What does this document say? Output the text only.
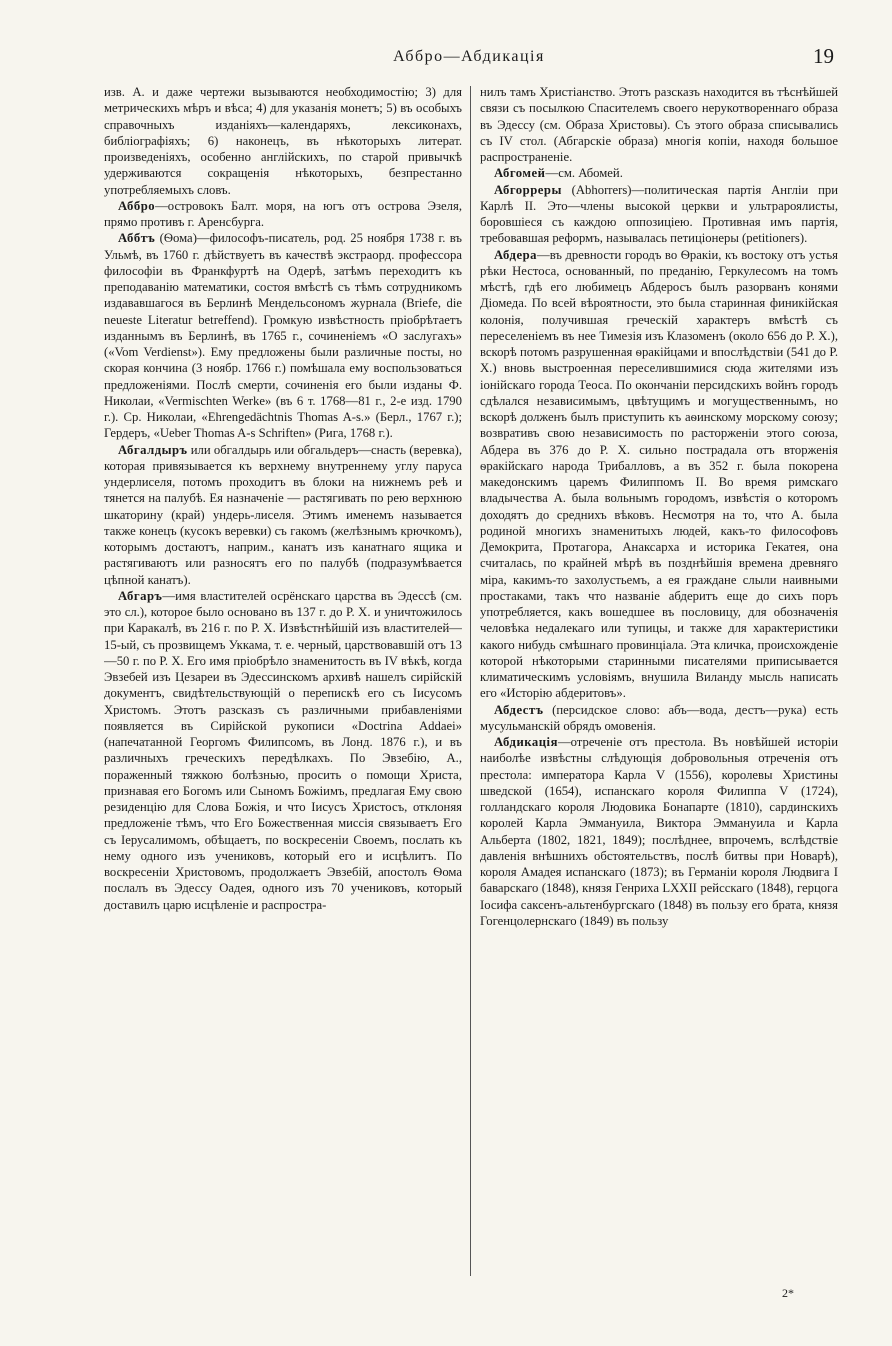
Аббро—Абдикація	19

изв. А. и даже чертежи вызываются необходимостію; 3) для метрическихъ мѣръ и вѣса; 4) для указанія монетъ; 5) въ особыхъ справочныхъ изданіяхъ—календаряхъ, лексиконахъ, библіографіяхъ; 6) наконецъ, въ нѣкоторыхъ литерат. произведеніяхъ, особенно англійскихъ, по старой привычкѣ удерживаются сокращенія нѣкоторыхъ, безпрестанно употребляемыхъ словъ.

Аббро—островокъ Балт. моря, на югъ отъ острова Эзеля, прямо противъ г. Аренсбурга.

Аббтъ (Ѳома)—философъ-писатель, род. 25 ноября 1738 г. въ Ульмѣ, въ 1760 г. дѣйствуетъ въ качествѣ экстраорд. профессора философіи въ Франкфуртѣ на Одерѣ, затѣмъ переходитъ къ преподаванію математики, состоя вмѣстѣ съ тѣмъ сотрудникомъ издававшагося въ Берлинѣ Мендельсономъ журнала (Briefe, die neueste Literatur betreffend). Громкую извѣстность пріобрѣтаетъ изданнымъ въ Берлинѣ, въ 1765 г., сочиненіемъ «О заслугахъ» («Vom Verdienst»). Ему предложены были различные посты, но скорая кончина (3 ноябр. 1766 г.) помѣшала ему воспользоваться предложеніями. Послѣ смерти, сочиненія его были изданы Ф. Николаи, «Vermischten Werke» (въ 6 т. 1768—81 г., 2-е изд. 1790 г.). Ср. Николаи, «Ehrengedächtnis Thomas A-s.» (Берл., 1767 г.); Гердеръ, «Ueber Thomas A-s Schriften» (Рига, 1768 г.).

Абгалдыръ или обгалдырь или обгальдеръ—снасть (веревка), которая привязывается къ верхнему внутреннему углу паруса ундерлиселя, потомъ проходитъ въ блоки на нижнемъ реѣ и тянется на палубѣ. Ея назначеніе — растягивать по рею верхнюю шкаторину (край) ундерь-лиселя. Этимъ именемъ называется также конецъ (кусокъ веревки) съ гакомъ (желѣзнымъ крючкомъ), которымъ достаютъ, наприм., канатъ изъ канатнаго ящика и растягиваютъ или разносятъ его по палубѣ (подразумѣвается цѣпной канатъ).

Абгаръ—имя властителей осрёнскаго царства въ Эдессѣ (см. это сл.), которое было основано въ 137 г. до Р. Х. и уничтожилось при Каракалѣ, въ 216 г. по Р. Х. Извѣстнѣйшій изъ властителей—15-ый, съ прозвищемъ Уккама, т. е. черный, царствовавшій отъ 13—50 г. по Р. Х. Его имя пріобрѣло знаменитость въ IV вѣкѣ, когда Эвзебей изъ Цезареи въ Эдессинскомъ архивѣ нашелъ сирійскій документъ, свидѣтельствующій о перепискѣ его съ Іисусомъ Христомъ. Этотъ разсказъ съ различными прибавленіями появляется въ Сирійской рукописи «Doctrina Addaei» (напечатанной Георгомъ Филипсомъ, въ Лонд. 1876 г.), и въ различныхъ греческихъ передѣлкахъ. По Эвзебію, А., пораженный тяжкою болѣзнью, просить о помощи Христа, признавая его Богомъ или Сыномъ Божіимъ, предлагая Ему свою резиденцію для Слова Божія, и что Іисусъ Христосъ, отклоняя предложеніе тѣмъ, что Его Божественная миссія связываетъ Его съ Іерусалимомъ, обѣщаетъ, по воскресеніи Своемъ, послать къ нему одного изъ учениковъ, который его и исцѣлитъ. По воскресеніи Христовомъ, продолжаетъ Эвзебій, апостолъ Ѳома послалъ въ Эдессу Оадея, одного изъ 70 учениковъ, который доставилъ царю исцѣленіе и распростра-

нилъ тамъ Христіанство. Этотъ разсказъ находится въ тѣснѣйшей связи съ посылкою Спасителемъ своего нерукотвореннаго образа въ Эдессу (см. Образа Христовы). Съ этого образа списывались съ IV стол. (Абгарскіе образа) многія копіи, находя большое распространеніе.

Абгомей—см. Абомей.

Абгорреры (Abhorrers)—политическая партія Англіи при Карлѣ II. Это—члены высокой церкви и ультрароялисты, боровшіеся съ каждою оппозиціею. Противная имъ партія, требовавшая реформъ, называлась петиціонеры (petitioners).

Абдера—въ древности городъ во Ѳракіи, къ востоку отъ устья рѣки Нестоса, основанный, по преданію, Геркулесомъ на томъ мѣстѣ, гдѣ его любимецъ Абдеросъ былъ разорванъ конями Діомеда. По всей вѣроятности, это была старинная финикійская колонія, получившая греческій характеръ вмѣстѣ съ переселеніемъ въ нее Тимезія изъ Клазоменъ (около 656 до Р. Х.), вскорѣ потомъ разрушенная ѳракійцами и впослѣдствіи (541 до Р. Х.) вновь выстроенная переселившимися сюда жителями изъ іонійскаго города Теоса. По окончаніи персидскихъ войнъ городъ сдѣлался независимымъ, цвѣтущимъ и могущественнымъ, но вскорѣ долженъ былъ приступить къ аѳинскому морскому союзу; возвративъ свою независимость по расторженіи этого союза, Абдера въ 376 до Р. Х. сильно пострадала отъ вторженія ѳракійскаго народа Трибалловъ, а въ 352 г. была покорена македонскимъ царемъ Филиппомъ II. Во время римскаго владычества А. была вольнымъ городомъ, извѣстія о которомъ доходятъ до среднихъ вѣковъ. Несмотря на то, что А. была родиной многихъ знаменитыхъ людей, какъ-то философовъ Демокрита, Протагора, Анаксарха и историка Гекатея, она считалась, по крайней мѣрѣ въ позднѣйшія времена древняго міра, какимъ-то захолустьемъ, а ея граждане слыли наивными простаками, такъ что названіе абдеритъ еще до сихъ поръ употребляется, какъ вошедшее въ пословицу, для обозначенія человѣка недалекаго или тупицы, и также для характеристики какого нибудь смѣшнаго провинціала. Эта кличка, происхожденіе которой нѣкоторыми старинными писателями приписывается климатическимъ условіямъ, внушила Виланду мысль написать его «Исторію абдеритовъ».

Абдестъ (персидское слово: абъ—вода, дестъ—рука) есть мусульманскій обрядъ омовенія.

Абдикація—отреченіе отъ престола. Въ новѣйшей исторіи наиболѣе извѣстны слѣдующія добровольныя отреченія отъ престола: императора Карла V (1556), королевы Христины шведской (1654), испанскаго короля Филиппа V (1724), голландскаго короля Людовика Бонапарте (1810), сардинскихъ королей Карла Эммануила, Виктора Эммануила и Карла Альберта (1802, 1821, 1849); послѣднее, впрочемъ, вслѣдствіе давленія внѣшнихъ обстоятельствъ, послѣ битвы при Новарѣ), короля Амадея испанскаго (1873); въ Германіи короля Людвига I баварскаго (1848), князя Генриха LXXII рейсскаго (1848), герцога Іосифа саксенъ-альтенбургскаго (1848) въ пользу его брата, князя Гогенцолернскаго (1849) въ пользу

2*
